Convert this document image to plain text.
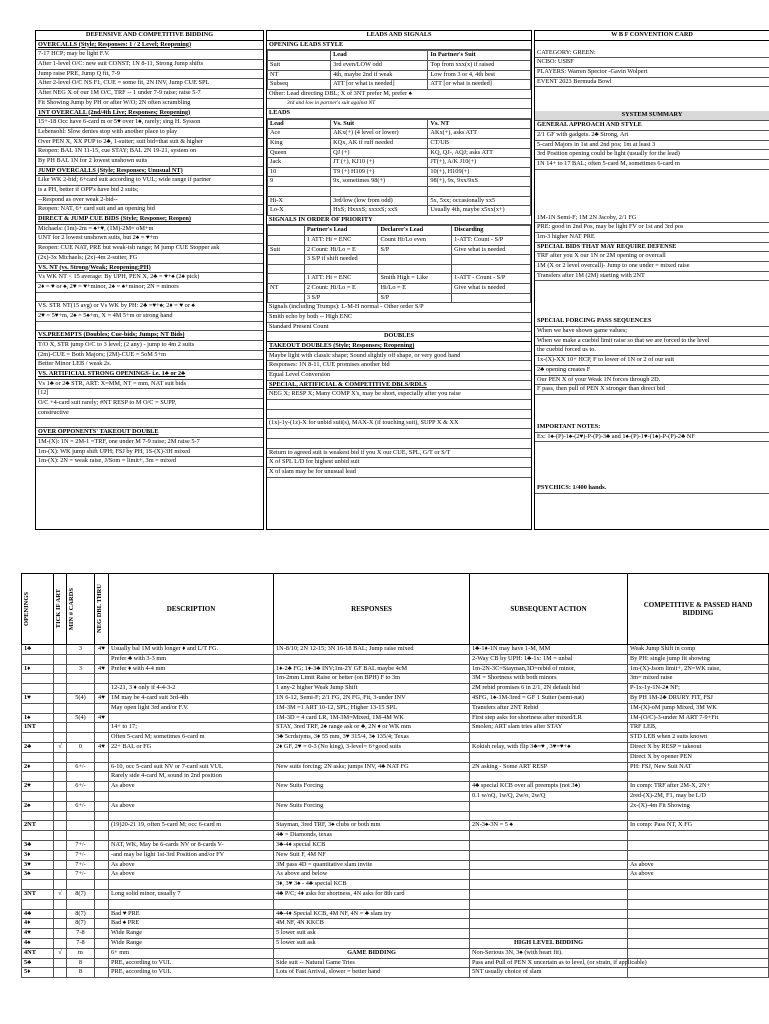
DEFENSIVE AND COMPETITIVE BIDDING
OVERCALLS (Style; Responses: 1 / 2 Level; Reopening)
7-17 HCP; may be light F.V.
After 1-level O/C: new suit CONST; 1N 8-11, Strong Jump shifts
Jump raise PRE, Jump Q fit, 7-9
After 2-level O/C NS F1, CUE = some fit, 2N INV, Jump CUE SPL
After NEG X of our 1M O/C, TRF -- 1 under 7-9 raise; raise 5-7
Fit Showing Jump by PH or after W/O; 2N often scrambling
1NT OVERCALL (2nd/4th Live; Responses; Reopening)
15+-18 Occ have 6-card m or 5♥ over 1♠, rarely; sing H. Sysson
Lebensohl: Slow denies stop with another place to play
Over PEN X, XX PUP to 2♣, 1-suiter; suit bid=that suit & higher
Reopen: BAL 1N 11-15, cue STAY; BAL 2N 19-21, system on
By PH BAL 1N for 2 lowest unshown suits
JUMP OVERCALLS (Style; Responses; Unusual NT)
Like WK 2-bid; 6+card suit according to VUL; wide range if partner
is a PH, better if OPP's have bid 2 suits;
--Respond as over weak 2-bid--
Reopen: NAT, 6+ card suit and an opening bid
DIRECT & JUMP CUE BIDS (Style; Response; Reopen)
Michaels: (1m)-2m = ♠+♥, (1M)-2M= oM+m
UNT for 2 lowest unshown suits, but 2♠ = ♥+m
Reopen: CUE NAT, PRE but weak-ish range; M jump CUE Stopper ask
(2x)-3x Michaels; (2x)-4m 2-suiter, FG
VS. NT (vs. Strong/Weak; Reopening;PH)
Vs WK NT < 15 average: By UPH, PEN X, 2♣ = ♥+♠ (2♠ pick)
2♦ = ♥ or ♠, 2♥ = ♥+minor, 2♠ = ♠+minor; 2N = minors
VS. STR NT(15 avg) or Vs WK by PH: 2♣ =♥+♠; 2♦ = ♥ or ♠
2♥ = 5♥+m, 2♠ = 5♠+m, X = 4M 5+m or strong hand
VS.PREEMPTS (Doubles; Cue-bids; Jumps; NT Bids)
T/O X, STR jump O/C to 3 level; (2 any) - jump to 4m 2 suits
(2m)-CUE = Both Majors; (2M)-CUE = 5oM 5+m
Better Minor LEB / weak 2s.
VS. ARTIFICIAL STRONG OPENINGS- i.e. 1♣ or 2♣
Vs 1♣ or 2♣ STR, ART: X=MM, NT = mm, NAT suit bids
[12]
O/C +4-card suit rarely; #NT RESP to M O/C = SUPP,
constructive
OVER OPPONENTS' TAKEOUT DOUBLE
1M-(X): 1N = 2M-1 =TRF, one under M 7-9 raise; 2M raise 5-7
1m-(X): WK jump shift UPH; FSJ by PH, 1S-(X)-3H mixed
1m-(X): 2N = weak raise, J/Som = limit+, 3m = mixed
LEADS AND SIGNALS
OPENING LEADS STYLE
	Lead	In Partner's Suit
Suit	3rd even/LOW odd	Top from xxx(x) if raised
NT	4th, maybe 2nd if weak	Low from 3 or 4, 4th best
Subseq	ATT [or what is needed]	ATT [or what is needed]
Other: Lead directing DBL; X of 3NT prefer M, prefer ♠
3rd and low in partner's suit against NT
LEADS
Lead	Vs. Suit	Vs. NT
Ace	AKx(+) (4 level or lower)	AKx(+), asks ATT
King	KQx, AK if ruff needed	CT/UB
Queen	QJ (+)	KQ, QJ-, AQJ; asks ATT
Jack	JT (+), KJ10 (+)	JT(+), A/K J10(+)
10	T9 (+) H109 (+)	10(+), H109(+)
9	9x, sometimes 98(+)	98(+), 9x, 9xx/9xS

Hi-X	3rd/low (low from odd)	5x, 5xx; occasionally xx5
Lo-X	HxS; HxxxS; xxxxS; xxS	Usually 4th, maybe x5xx(x+)
SIGNALS IN ORDER OF PRIORITY
	Partner's Lead	Declarer's Lead	Discarding
	1 ATT: Hi = ENC	Count Hi/Lo even	1-ATT: Count - S/P
Suit	2 Count: Hi/Lo = E	S/P	Give what is needed
	3 S/P if shift needed		

	1 ATT: Hi = ENC	Smith High = Like	1-ATT - Count - S/P
NT	2 Count: Hi/Lo = E	Hi/Lo = E	Give what is needed
	3 S/P	S/P	
Signals (including Trumps): L-M-H normal - Other order S/P
Smith echo by both -- High ENC
Standard Present Count
DOUBLES
TAKEOUT DOUBLES (Style; Responses; Reopening)
Maybe light with classic shape; Sound slightly off shape, or very good hand
Responses: 1N 8-11, CUE promises another bid
Equal Level Conversion
SPECIAL, ARTIFICIAL & COMPETITIVE DBLS/RDLS
NEG X; RESP X; Many COMP X's, may be short, especially after you raise
(1x)-1y-(1z)-X for unbid suit(s), MAX-X (if touching suit), SUPP X & XX
Return to agreed suit is weakest bid if you X our CUE, SPL, G/T or S/T
X of SPL L/D for highest unbid suit
X of slam may be for unusual lead
W B F CONVENTION CARD
CATEGORY: GREEN:
NCBO: USBF
PLAYERS: Warren Spector -Gavin Wolpert
EVENT 2023 Bermuda Bowl
SYSTEM SUMMARY
GENERAL APPROACH AND STYLE
2/1 GF with gadgets. 2♣ Strong, Art
5-card Majors in 1st and 2nd pos; 1m at least 3
3rd Position opening could be light (usually for the lead)
1N 14+ to 17 BAL; often 5-card M, sometimes 6-card m
1M-1N Semi-F; 1M 2N Jacoby, 2/1 FG
PRE: good in 2nd Pos, may be light FV or 1st and 3rd pos
1m-3 higher NAT PRE
SPECIAL BIDS THAT MAY REQUIRE DEFENSE
TRF after you X our 1N or 2M opening or overcall
1M (X or 2 level overcall)- Jump to one under = mixed raise
Transfers after 1M (2M) starting with 2NT
SPECIAL FORCING PASS SEQUENCES
When we have shown game values;
When we make a cuebid limit raise so that we are forced to the level
the cuebid forced us to.
1x-(X)-XX 10+ HCP, F to lower of 1N or 2 of our suit
2♣ opening creates F
Our PEN X of your Weak 1N forces through 2D.
F pass, then pull of PEN X stronger than direct bid
IMPORTANT NOTES:
Ex: 1♠-(P)-1♠-(2♥)-P-(P)-3♣ and 1♠-(P)-1♥-(1♠)-P-(P)-2♣ NF
PSYCHICS: 1/400 hands.
OPENINGS	TICK IF ART	MIN # CARDS	NEG DBL THRU	DESCRIPTION	RESPONSES	SUBSEQUENT ACTION	COMPETITIVE & PASSED HAND BIDDING
1♣		3	4♥	Usually bal 1M with longer ♦ and L/T FG.	1N-8/10; 2N 12-15; 3N 16-18 BAL; Jump raise mixed	1♣-1♦-1N may have 1-M, MM	Weak Jump Shift in comp
				Prefer ♣ with 3-3 mm		2-Way CB by UPH: 1♣-1x: 1M = unbal	By PH: single jump fit showing
1♦		3	4♥	Prefer ♦ with 4-4 mm	1♦-2♣ FG; 1♦-3♣ INV;1m-2Y GF BAL maybe 4cM	1m-2N-3C=Stayman,3D=rebid of minor,	1m-(X)-Jsom limit+, 2N=WK raise,
					1m-2mm Limit Raise or better (on BPH) F to 3m	3M = Shortness with both minors	3m= mixed raise
				12-21, 3 ♦ only if 4-4-3-2	1 any-2 higher Weak Jump Shift	2M rebid promises 6 in 2/1, 2N default bid	P-1x-1y-1N-2♦ NF;
1♥		5(4)	4♥	1M may be 4-card suit 3rd-4th	1N 6-12, Semi-F; 2/1 FG, 2N FG, Fit, 3-under INV	4SFG, 1♠-1M-3red = GF 1 Suiter (semi-nat)	By PH 1M-2♣ DRURY FIT, FSJ
				May open light 3rd and/or F.V.	1M-3M =1 ART 10-12, SPL; Higher 13-15 SPL	Transfers after 2NT Rebid	1M-(X)-oM jump Mixed, 3M WK
1♠		5(4)	4♥		1M-3D = 4 card LR, 1M-3M=Mixed, 1M-4M WK	First step asks for shortness after mixed/LR	1M-(O/C)-3-under M ART 7-9+Fit
1NT				14+ to 17;	STAY, 3red TRF, 2♠ range ask or ♣, 2N ♦ or WK mm	Smolen; ART slam tries after STAY	TRF LEB,
				Often 5-card M; sometimes 6-card m	3♣ 5crdstyms, 3♦ 55 mm, 3♥ 315/4, 3♠ 135/4; Texas		STD LEB when 2 suits known
2♣	√	0	4♥	22+ BAL or FG	2♦ GF, 2♥ = 0-3 (No king), 3-level= 6+good suits	Kokish relay, with flip 3♣=♥ , 3♥=♥+♠	Direct X by RESP = takeout
							Direct X by opener PEN
2♦		6+/-		6-10, occ 5-card suit NV or 7-card suit VUL	New suits forcing; 2N asks; jumps INV, 4♣ NAT FG	2N asking - Some ART RESP	PH: FSJ, New Suit NAT
				Rarely side 4-card M, sound in 2nd position			
2♥		6+/-		As above	New Suits Forcing	4♣ special KCB over all preempts (not 3♠)	In comp: TRF after 2M-X, 2N+
						0.1 w/oQ, 1w/Q, 2w/o, 2w/Q	2red-(X)-2M, F1, may be L/D
2♠		6+/-		As above	New Suits Forcing		2x-(X)-4m Fit Showing

2NT				(19)20-21 19, often 5-card M; occ 6-card m	Stayman, 3red TRF, 3♠ clubs or both mm	2N-3♠-3N = 5 ♠	In comp: Pass NT, X FG
					4♣ = Diamonds, texas		
3♣		7+/-		NAT, WK, May be 6-cards NV or 8-cards V-	3♣-4♦ special KCB		
3♦		7+/-		-and may be light 1st-3rd Position and/or FV	New Suit F, 4M NF		
3♥		7+/-		As above	3M pass 4D = quantitative slam invite		As above
3♠		7+/-		As above	As above and below		As above
					3♦, 3♥ 3♠ - 4♣ special KCB		
3NT	√	8(7)		Long solid minor, usually 7	4♣ P/C; 4♦ asks for shortness, 4N asks for 8th card		

4♣		8(7)		Bad ♥ PRE	4♣-4♦ Special KCB, 4M NF, 4N = ♣ slam try		
4♦		8(7)		Bad ♠ PRE	4M NF, 4N KKCB		
4♥		7-8		Wide Range	5 lower suit ask		
4♠		7-8		Wide Range	5 lower suit ask	HIGH LEVEL BIDDING	
4NT	√	m		6+ mm	GAME BIDDING	Non-Serious 3N, 3♠ (with heart fit).	
5♣		8		PRE, according to VUL	Side suit -- Natural Game Tries	Pass and Pull of PEN X uncertain as to level, (or strain, if applicable)	
5♦		8		PRE, according to VUL	Lots of Fast Arrival, slower = better hand	5NT usually choice of slam	
